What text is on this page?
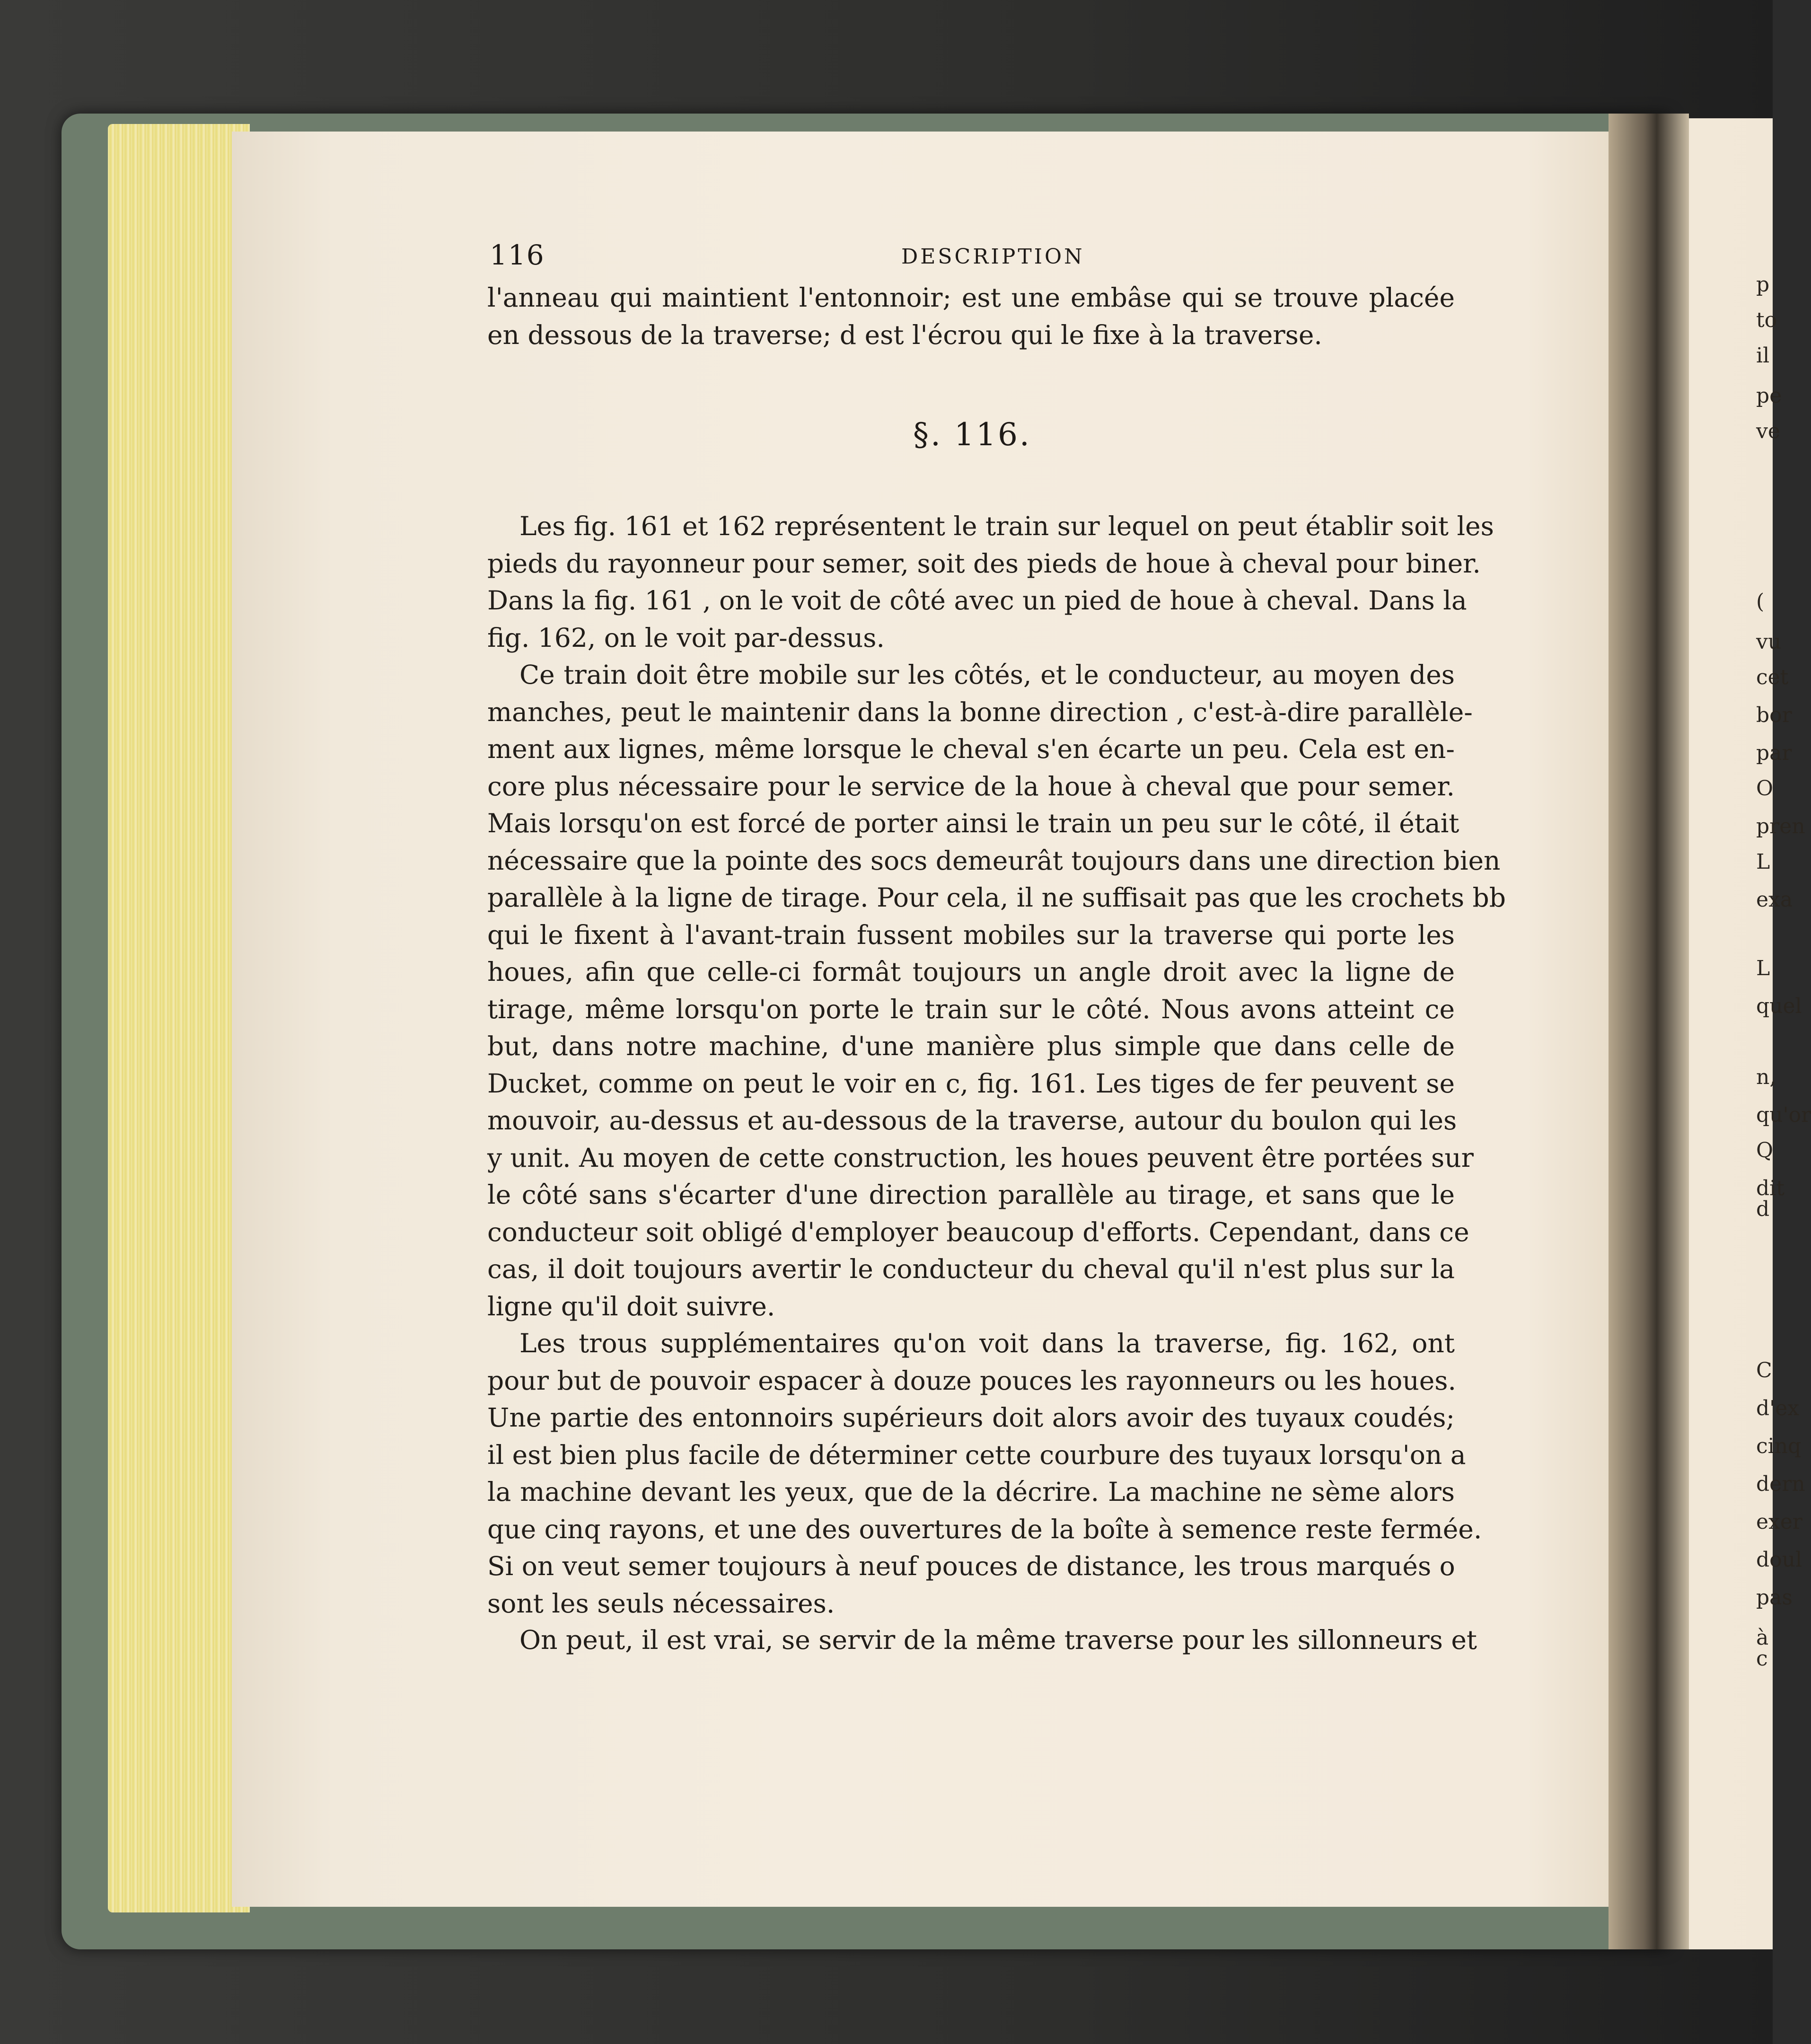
116	DESCRIPTION
l'anneau qui maintient l'entonnoir; est une embâse qui se trouve placée
en dessous de la traverse; d est l'écrou qui le fixe à la traverse.
§. 116.
Les fig. 161 et 162 représentent le train sur lequel on peut établir soit les
pieds du rayonneur pour semer, soit des pieds de houe à cheval pour biner.
Dans la fig. 161 , on le voit de côté avec un pied de houe à cheval. Dans la
fig. 162, on le voit par-dessus.
Ce train doit être mobile sur les côtés, et le conducteur, au moyen des
manches, peut le maintenir dans la bonne direction , c'est-à-dire parallèle-
ment aux lignes, même lorsque le cheval s'en écarte un peu. Cela est en-
core plus nécessaire pour le service de la houe à cheval que pour semer.
Mais lorsqu'on est forcé de porter ainsi le train un peu sur le côté, il était
nécessaire que la pointe des socs demeurât toujours dans une direction bien
parallèle à la ligne de tirage. Pour cela, il ne suffisait pas que les crochets bb
qui le fixent à l'avant-train fussent mobiles sur la traverse qui porte les
houes, afin que celle-ci formât toujours un angle droit avec la ligne de
tirage, même lorsqu'on porte le train sur le côté. Nous avons atteint ce
but, dans notre machine, d'une manière plus simple que dans celle de
Ducket, comme on peut le voir en c, fig. 161. Les tiges de fer peuvent se
mouvoir, au-dessus et au-dessous de la traverse, autour du boulon qui les
y unit. Au moyen de cette construction, les houes peuvent être portées sur
le côté sans s'écarter d'une direction parallèle au tirage, et sans que le
conducteur soit obligé d'employer beaucoup d'efforts. Cependant, dans ce
cas, il doit toujours avertir le conducteur du cheval qu'il n'est plus sur la
ligne qu'il doit suivre.
Les trous supplémentaires qu'on voit dans la traverse, fig. 162, ont
pour but de pouvoir espacer à douze pouces les rayonneurs ou les houes.
Une partie des entonnoirs supérieurs doit alors avoir des tuyaux coudés;
il est bien plus facile de déterminer cette courbure des tuyaux lorsqu'on a
la machine devant les yeux, que de la décrire. La machine ne sème alors
que cinq rayons, et une des ouvertures de la boîte à semence reste fermée.
Si on veut semer toujours à neuf pouces de distance, les trous marqués o
sont les seuls nécessaires.
On peut, il est vrai, se servir de la même traverse pour les sillonneurs et
p
to
il
pe
ve
(
vu
cet
bor
par
O
pren
L
exa
L
quel
n,
qu'or
Q
dit d
C
d'ex
cinq
dern
exer
doul
pas
à c
